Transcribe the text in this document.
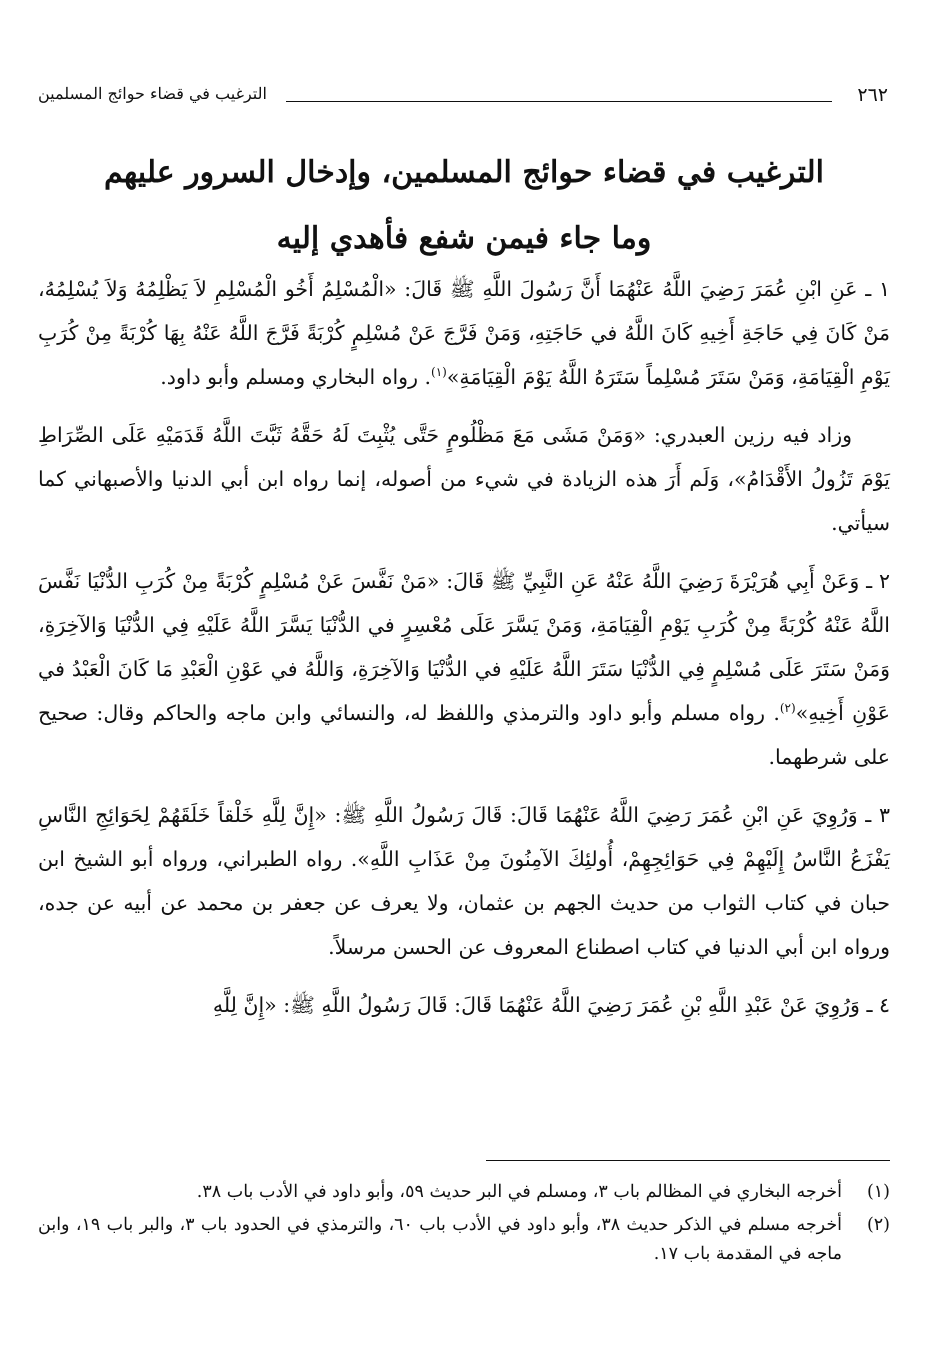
٢٦٢
الترغيب في قضاء حوائج المسلمين
الترغيب في قضاء حوائج المسلمين، وإدخال السرور عليهم
وما جاء فيمن شفع فأهدي إليه

١ ـ عَنِ ابْنِ عُمَرَ رَضِيَ اللَّهُ عَنْهُمَا أَنَّ رَسُولَ اللَّهِ ﷺ قَالَ: «الْمُسْلِمُ أَخُو الْمُسْلِمِ لاَ يَظْلِمُهُ وَلاَ يُسْلِمُهُ، مَنْ كَانَ فِي حَاجَةِ أَخِيهِ كَانَ اللَّهُ في حَاجَتِهِ، وَمَنْ فَرَّجَ عَنْ مُسْلِمٍ كُرْبَةً فَرَّجَ اللَّهُ عَنْهُ بِهَا كُرْبَةً مِنْ كُرَبِ يَوْمِ الْقِيَامَةِ، وَمَنْ سَتَرَ مُسْلِماً سَتَرَهُ اللَّهُ يَوْمَ الْقِيَامَةِ»$^{(١)}$. رواه البخاري ومسلم وأبو داود.

وزاد فيه رزين العبدري: «وَمَنْ مَشَى مَعَ مَظْلُومٍ حَتَّى يُثْبِتَ لَهُ حَقَّهُ ثَبَّتَ اللَّهُ قَدَمَيْهِ عَلَى الصِّرَاطِ يَوْمَ تَزُولُ الأَقْدَامُ»، وَلَم أَرَ هذه الزيادة في شيء من أصوله، إنما رواه ابن أبي الدنيا والأصبهاني كما سيأتي.

٢ ـ وَعَنْ أَبِي هُرَيْرَةَ رَضِيَ اللَّهُ عَنْهُ عَنِ النَّبِيِّ ﷺ قَالَ: «مَنْ نَفَّسَ عَنْ مُسْلِمٍ كُرْبَةً مِنْ كُرَبِ الدُّنْيَا نَفَّسَ اللَّهُ عَنْهُ كُرْبَةً مِنْ كُرَبِ يَوْمِ الْقِيَامَةِ، وَمَنْ يَسَّرَ عَلَى مُعْسِرٍ في الدُّنْيَا يَسَّرَ اللَّهُ عَلَيْهِ فِي الدُّنْيَا وَالآخِرَةِ، وَمَنْ سَتَرَ عَلَى مُسْلِمٍ فِي الدُّنْيَا سَتَرَ اللَّهُ عَلَيْهِ في الدُّنْيَا وَالآخِرَةِ، وَاللَّهُ في عَوْنِ الْعَبْدِ مَا كَانَ الْعَبْدُ في عَوْنِ أَخِيهِ»$^{(٢)}$. رواه مسلم وأبو داود والترمذي واللفظ له، والنسائي وابن ماجه والحاكم وقال: صحيح على شرطهما.

٣ ـ وَرُوِيَ عَنِ ابْنِ عُمَرَ رَضِيَ اللَّهُ عَنْهُمَا قَالَ: قَالَ رَسُولُ اللَّهِ ﷺ: «إِنَّ لِلَّهِ خَلْقاً خَلَقَهُمْ لِحَوَائِجِ النَّاسِ يَفْزَعُ النَّاسُ إِلَيْهِمْ فِي حَوَائِجِهِمْ، أُولئِكَ الآمِنُونَ مِنْ عَذَابِ اللَّهِ». رواه الطبراني، ورواه أبو الشيخ ابن حبان في كتاب الثواب من حديث الجهم بن عثمان، ولا يعرف عن جعفر بن محمد عن أبيه عن جده، ورواه ابن أبي الدنيا في كتاب اصطناع المعروف عن الحسن مرسلاً.

٤ ـ وَرُوِيَ عَنْ عَبْدِ اللَّهِ بْنِ عُمَرَ رَضِيَ اللَّهُ عَنْهُمَا قَالَ: قَالَ رَسُولُ اللَّهِ ﷺ: «إِنَّ لِلَّهِ

(١)
أخرجه البخاري في المظالم باب ٣، ومسلم في البر حديث ٥٩، وأبو داود في الأدب باب ٣٨.
(٢)
أخرجه مسلم في الذكر حديث ٣٨، وأبو داود في الأدب باب ٦٠، والترمذي في الحدود باب ٣، والبر باب ١٩، وابن ماجه في المقدمة باب ١٧.
